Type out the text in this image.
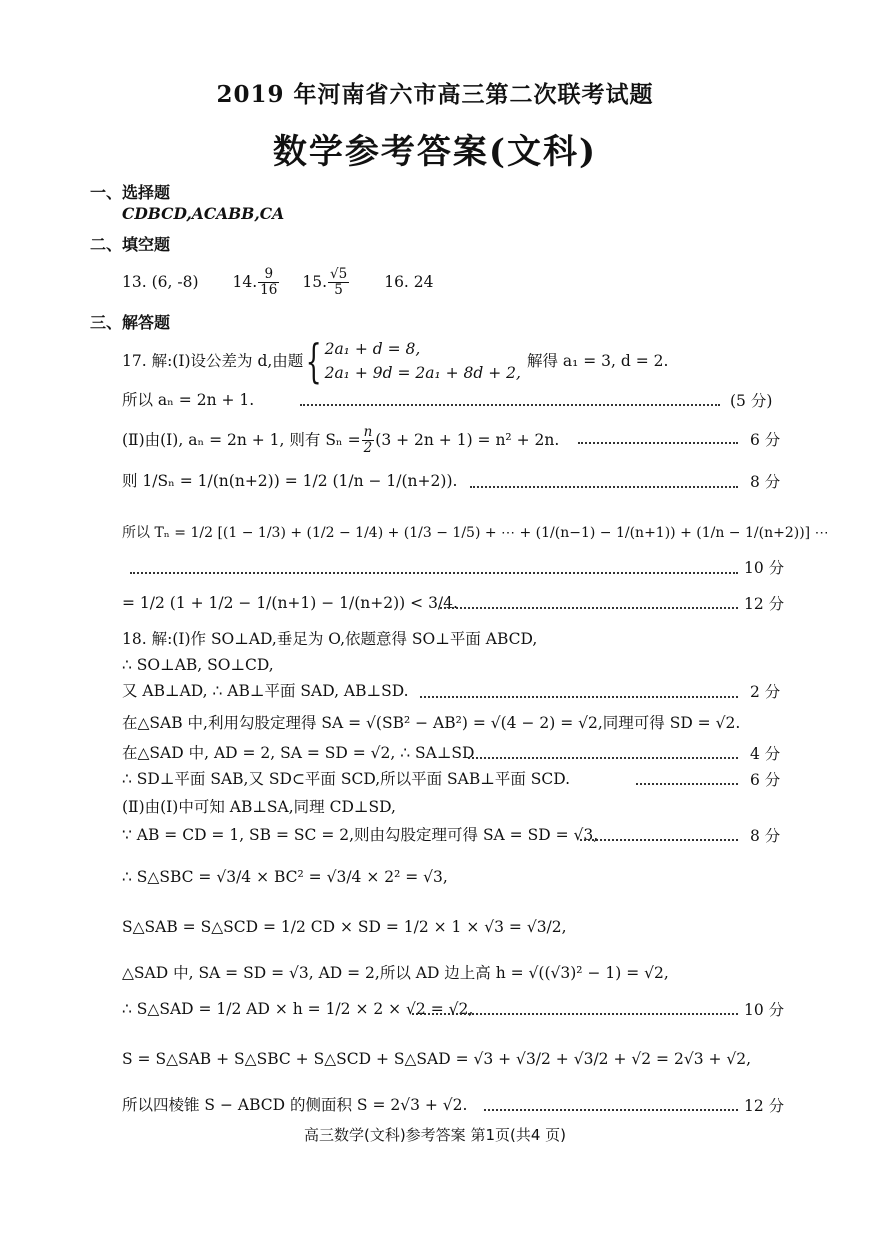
2019 年河南省六市高三第二次联考试题
数学参考答案(文科)
一、选择题
CDBCD,ACABB,CA
二、填空题
13. (6, -8) 14. $\frac{9}{16} 15$. $\frac{√5}{5} 16$. 24
三、解答题
17. 解:(Ⅰ)设公差为 d,由题 { 2a₁ + d = 8,
2a₁ + 9d = 2a₁ + 8d + 2,
解得 a₁ = 3, d = 2.
所以 aₙ = 2n + 1.	(5 分)
(Ⅱ)由(Ⅰ), aₙ = 2n + 1, 则有 $S_n = \frac{n}{2} (3 + 2n + 1) = n^2 + 2n$.	6 分
则 1/Sₙ = 1/(n(n+2)) = 1/2 (1/n − 1/(n+2)).	8 分
所以 Tₙ = 1/2 [(1 − 1/3) + (1/2 − 1/4) + (1/3 − 1/5) + ⋯ + (1/(n−1) − 1/(n+1)) + (1/n − 1/(n+2))] ⋯
10 分
= 1/2 (1 + 1/2 − 1/(n+1) − 1/(n+2)) < 3/4.	12 分
18. 解:(Ⅰ)作 SO⊥AD,垂足为 O,依题意得 SO⊥平面 ABCD,
∴ SO⊥AB, SO⊥CD,
又 AB⊥AD, ∴ AB⊥平面 SAD, AB⊥SD.	2 分
在△SAB 中,利用勾股定理得 SA = √(SB² − AB²) = √(4 − 2) = √2,同理可得 SD = √2.
在△SAD 中, AD = 2, SA = SD = √2, ∴ SA⊥SD	4 分
∴ SD⊥平面 SAB,又 SD⊂平面 SCD,所以平面 SAB⊥平面 SCD.	6 分
(Ⅱ)由(Ⅰ)中可知 AB⊥SA,同理 CD⊥SD,
∵ AB = CD = 1, SB = SC = 2,则由勾股定理可得 SA = SD = √3,	8 分
∴ S△SBC = √3/4 × BC² = √3/4 × 2² = √3,
S△SAB = S△SCD = 1/2 CD × SD = 1/2 × 1 × √3 = √3/2,
△SAD 中, SA = SD = √3, AD = 2,所以 AD 边上高 h = √((√3)² − 1) = √2,
∴ S△SAD = 1/2 AD × h = 1/2 × 2 × √2 = √2,	10 分
S = S△SAB + S△SBC + S△SCD + S△SAD = √3 + √3/2 + √3/2 + √2 = 2√3 + √2,
所以四棱锥 S − ABCD 的侧面积 S = 2√3 + √2.	12 分
高三数学(文科)参考答案 第1页(共4 页)
